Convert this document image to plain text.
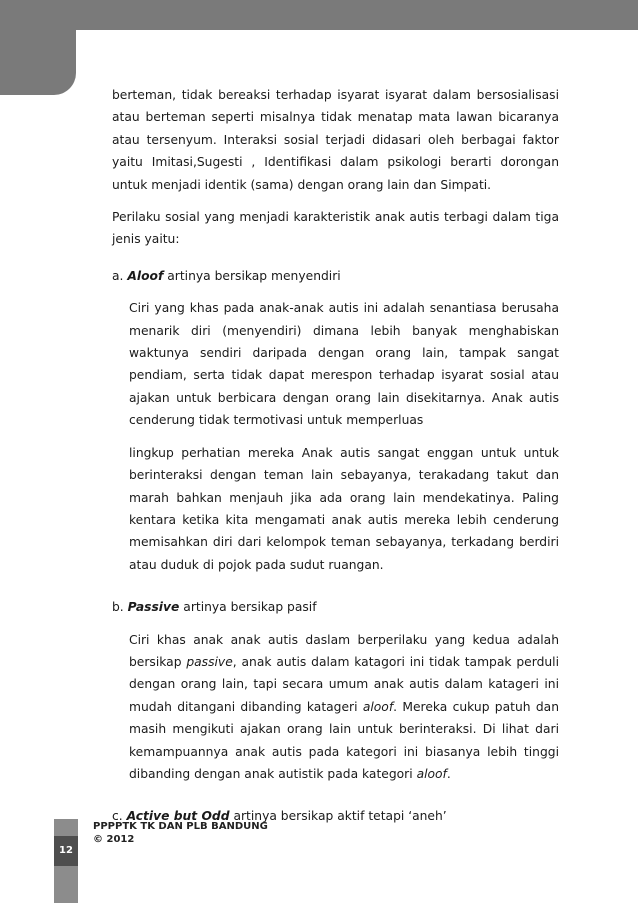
berteman, tidak bereaksi terhadap isyarat isyarat dalam bersosialisasi atau berteman seperti misalnya tidak menatap mata lawan bicaranya atau tersenyum. Interaksi sosial terjadi didasari oleh berbagai faktor yaitu Imitasi,Sugesti , Identifikasi dalam psikologi berarti dorongan untuk menjadi identik (sama) dengan orang lain dan Simpati.

Perilaku sosial yang menjadi karakteristik anak autis terbagi dalam tiga jenis yaitu:

a. Aloof artinya bersikap menyendiri

Ciri yang khas pada anak-anak autis ini adalah senantiasa berusaha menarik diri (menyendiri) dimana lebih banyak menghabiskan waktunya sendiri daripada dengan orang lain, tampak sangat pendiam, serta tidak dapat merespon terhadap isyarat sosial atau ajakan untuk berbicara dengan orang lain disekitarnya. Anak autis cenderung tidak termotivasi untuk memperluas

lingkup perhatian mereka Anak autis sangat enggan untuk untuk berinteraksi dengan teman lain sebayanya, terakadang takut dan marah bahkan menjauh jika ada orang lain mendekatinya. Paling kentara ketika kita mengamati anak autis mereka lebih cenderung memisahkan diri dari kelompok teman sebayanya, terkadang berdiri atau duduk di pojok pada sudut ruangan.

b. Passive artinya bersikap pasif

Ciri khas anak anak autis daslam berperilaku yang kedua adalah bersikap passive, anak autis dalam katagori ini tidak tampak perduli dengan orang lain, tapi secara umum anak autis dalam katageri ini mudah ditangani dibanding katageri aloof. Mereka cukup patuh dan masih mengikuti ajakan orang lain untuk berinteraksi. Di lihat dari kemampuannya anak autis pada kategori ini biasanya lebih tinggi dibanding dengan anak autistik pada kategori aloof.

c. Active but Odd artinya bersikap aktif tetapi ‘aneh’

12
PPPPTK TK DAN PLB BANDUNG
© 2012
